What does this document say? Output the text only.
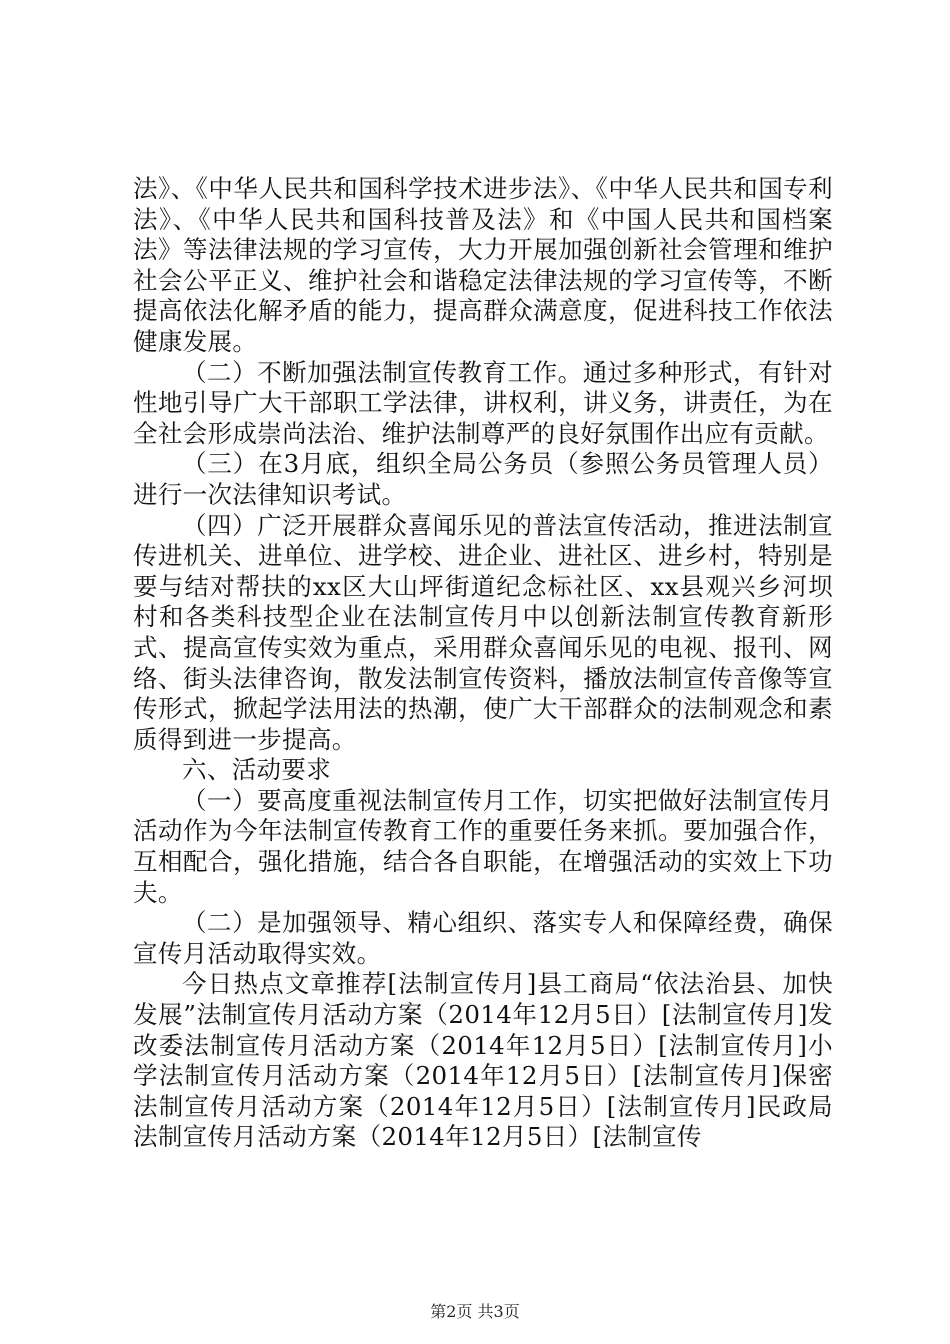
法》、《中华人民共和国科学技术进步法》、《中华人民共和国专利法》、《中华人民共和国科技普及法》和《中国人民共和国档案法》等法律法规的学习宣传，大力开展加强创新社会管理和维护社会公平正义、维护社会和谐稳定法律法规的学习宣传等，不断提高依法化解矛盾的能力，提高群众满意度，促进科技工作依法健康发展。

（二）不断加强法制宣传教育工作。通过多种形式，有针对性地引导广大干部职工学法律，讲权利，讲义务，讲责任，为在全社会形成崇尚法治、维护法制尊严的良好氛围作出应有贡献。

（三）在3月底，组织全局公务员（参照公务员管理人员）进行一次法律知识考试。

（四）广泛开展群众喜闻乐见的普法宣传活动，推进法制宣传进机关、进单位、进学校、进企业、进社区、进乡村，特别是要与结对帮扶的xx区大山坪街道纪念标社区、xx县观兴乡河坝村和各类科技型企业在法制宣传月中以创新法制宣传教育新形式、提高宣传实效为重点，采用群众喜闻乐见的电视、报刊、网络、街头法律咨询，散发法制宣传资料，播放法制宣传音像等宣传形式，掀起学法用法的热潮，使广大干部群众的法制观念和素质得到进一步提高。

六、活动要求

（一）要高度重视法制宣传月工作，切实把做好法制宣传月活动作为今年法制宣传教育工作的重要任务来抓。要加强合作，互相配合，强化措施，结合各自职能，在增强活动的实效上下功夫。

（二）是加强领导、精心组织、落实专人和保障经费，确保宣传月活动取得实效。

今日热点文章推荐[法制宣传月]县工商局“依法治县、加快发展”法制宣传月活动方案（2014年12月5日）[法制宣传月]发改委法制宣传月活动方案（2014年12月5日）[法制宣传月]小学法制宣传月活动方案（2014年12月5日）[法制宣传月]保密法制宣传月活动方案（2014年12月5日）[法制宣传月]民政局法制宣传月活动方案（2014年12月5日）[法制宣传

第2页 共3页
